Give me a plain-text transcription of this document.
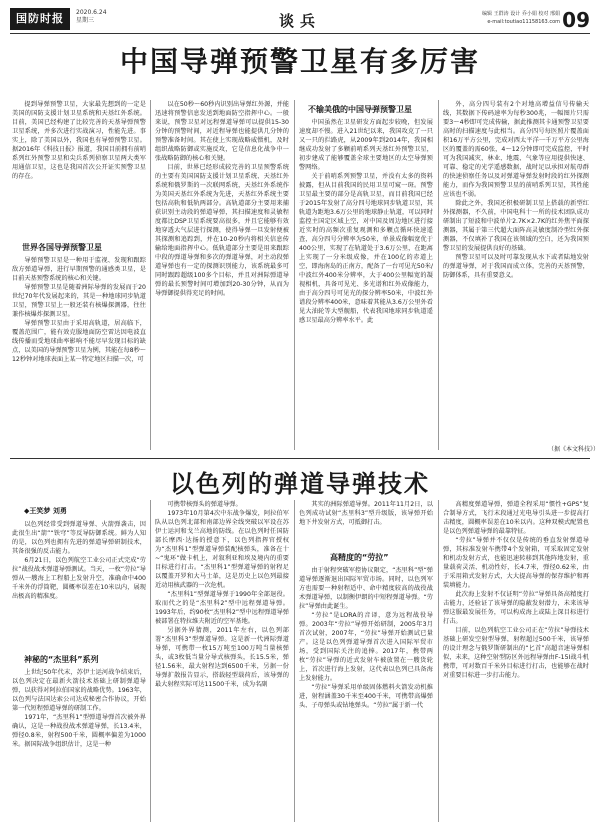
国防时报	2020.6.24
星期三	谈兵	编辑 王群涛 设计 乔小娟 校对 邢娟
e-mail:toutiao11158163.com 09
中国导弹预警卫星有多厉害

提到导弹预警卫星，大家最先想到的一定是美国的国防支援计划卫星系统和天基红外系统。目前，美国已经构建了比较完善的天基导弹预警卫星系统，并多次进行实战演习，性能先进。事实上，除了美国以外，我国也有导弹预警卫星。据2016年《科技日报》报道，我国目前拥有前哨系列红外预警卫星和尖兵系列侦察卫星两大类军用通信卫星，这也是我国首次公开证实预警卫星的存在。

世界各国导弹预警卫星

导弹预警卫星是一种用于监视、发现和跟踪敌方弹道导弹，进行早期预警的通感类卫星，是目前天基预警系统的核心和关键。

导弹预警卫星是随着洲际导弹的发展而于20世纪70年代发展起来的，其是一种地球同步轨道卫星，预警卫星上一般还装有核爆探测器，往往兼作核爆炸探测卫星。

导弹预警卫星由于采用高轨道，居高临下，覆盖范围广，能有效克服地面防空雷达因电波直线传播而受地球曲率影响不能尽早发现目标的缺点，以美国的导弹预警卫星为例，其能在每8秒～12秒钟对地球表面上某一特定地区扫描一次，可

以在50秒～60秒内识别出导弹红外源，并能迅速将预警信息发送到地面防空指挥中心。一般来说，预警卫星对远程弹道导弹可以提供15-30分钟的预警时间，对近程导弹也能提供几分钟的预警准备时间。其在使上实现战略威慑机，及时组织战略防御或实施反攻，它是信息化战争中一张战略防御的核心和关键。

目前，世界已经形成较完善的卫星预警系统的主要有美国国防支援计划卫星系统、天基红外系统和俄罗斯的一次联网系统，天基红外系统作为美国天基红外系统为先进，天基红外系统主要包括高轨和低轨两部分。高轨道部分主要用来捕获识别主动段的弹道导弹，其扫描速度和灵敏程度都比DSP卫星系统要高很多，并且它能够有效地穿透大气层进行探测，使得导弹一旦发射便被其探测和追踪到，并在10-20秒内将相关信息传输给地面指挥中心。低轨道部分主要是用来跟踪中段的弹道导弹和多次的弹道导弹，对主动段弹道导弹也有一定的探测识别能力，该系统最多可同时跟踪超级100多个目标，并且对洲际弹道导弹的最长预警时间可增加到20-30分钟，从而为导弹御提供得充足的时间。

不输美俄的中国导弹预警卫星

中国虽然在卫星研发方面起步较晚，但发展速度却不慢。进入21世纪以来，我国攻克了一只又一只的拦路虎，从2009年到2014年，我国相继成功发射了多颗前哨系列天基红外预警卫星，初步建成了能够覆盖全球主要地区的太空导弹预警网络。

关于前哨系列预警卫星，并没有太多的资料披露，但从目前我国的民用卫星可窥一斑。预警卫星最主要的部分是高轨卫星，而目前我国已经于2015年发射了高分四号地球同步轨道卫星，其轨道为距地3.6万公里的地球静止轨道，可以同时监控主国定区域上空，对中国及周边地区进行接近实时的高频次重复观测和多颗点循环快速遥查，高分四号分辨率为50米，单景成像幅宽优于400公里，实现了在轨道处于3.6万公里，在距离上实现了一分米级成像，并在100亿的赤道上空，即海南岛的正南方，配备了一台可见光50米/中波红外400米分辨率，大于400公里幅宽的凝视相机，具备可见光、多光谱和红外成像能力，由于高分四号可见光的探分辨率50米，中波红外谱段分辨率400米，意味着其能从3.6万公里外看见大油轮等大型舰船，代表我国地球同步轨道遥感卫星最高分辨率水平。此

外，高分四号装有2个对地高增益信号传输天线，其数据下传码速率为每秒300兆，一幅图片只需要3～4秒即可完成传输，据此推测其卡通预警卫星要高时的扫描速度与此相当。高分四号每医照片覆盖面积16万平方公里，完成对西太平洋一千万平方公里海区的覆盖的需60张，4～12分钟即可完成监控，平时可为我国减灾、林业、地震、气象等应用提供快速、可靠、稳定的光学遥感数据，战时足以承担对航母群的快速侦察任务以及对弹道导弹发射时段的红外探测能力，而作为我国预警卫星的前哨系列卫星，其性能应该也不弱。

除此之外，我国还积极研制卫星上搭载的新型红外探测器，不久前，中国电科十一所的技术团队成功研制出了短波和中波单片2.7K×2.7K的红外焦平面探测器，其属于第三代超大面阵高灵敏度制冷型红外探测器，不仅填补了我国在该领域的空白，还为我国预警卫星的发展提供良好的基础。

预警卫星可以及时可靠发现从水下或者陆地发射的弹道导弹，对于我国而成立体，完善的天基预警，防御体系，具有重要意义。

（据《本文科技》）
以色列的弹道导弹技术
◆王笑梦 刘勇

以色列经常受到弹道导弹、火箭弹袭击，因此很生出“箭”“铁穹”等反导防御系统。鲜为人知的是，以色列也拥有先进的弹道导弹研制技术，其备很强的反击能力。

6月21日，以色列航空工业公司正式完成“劳拉”战役战术弹道导弹测试。当天，一枚“劳拉”导弹从一艘海上工程船上发射升空，准确命中400千米外的浮筒靶，圆概率误差在10米以内，展现出极高的精准度。

神秘的“杰里科”系列

上世纪50年代末，苏伊士运河战争结束后，以色列决定在最新火箭技术基础上研制弹道导弹，以获得对阿拉伯国家的战略优势。1963年，以色列与法国达索公司达成秘密合作协议，开始第一代短程弹道导弹的研制工作。

1971年，“杰里科1”型弹道导弹首次被外界确认，这是一种战役战术弹道导弹，长13.4米，弹径0.8米，射程500千米，圆概率偏差为1000米。据国际战争组织估计，这是一种

可携带核弹头的弹道导弹。

1973年10月第4次中东战争爆发，阿拉伯军队从以色列北部和南部边界全线突破以军设在苏伊士运河和戈兰高地的防线。在以色列时任国防部长摩西·达扬的授意下，以色列指挥官授权为“杰里科1”型弹道导弹装配核弹头，准备在十~“鬼环”做卡机上，对叙利亚和埃及境内的重要目标进行打击。“杰里科1”型弹道导弹的射程足以覆盖开罗和大马士革，这是历史上以色列最接近动用核武器的一次危机。

“杰里科1”型弹道导弹于1990年全部退役。取而代之的是“杰里科2”型中远程弹道导弹。1993年后，约90枚“杰里科2”型中远程弹道导弹被部署在特拉维夫附近的空军基地。

另据外界猜测，2011年左右，以色列部署“杰里科3”型弹道导弹。这是新一代洲际弹道导弹，可携带一枚15万吨至100万吨当量核弹头，或3枚低当量分导式核弹头，长15.5米，弹径1.56米，最大射程达到6500千米，另据一份导弹扩散报告显示，搭载轻型载荷后，该导弹的最大射程实际可达11500千米，成为名副

其实的洲际弹道导弹。2011年11月2日，以色列成功试射“杰里科3”型升级版，该导弹开始地下井发射方式，可抵御打击。

高精度的“劳拉”

由于射程突破军控协议限定，“杰里科”型“弹道导弹逐渐退出国际军贸市场。同时，以色列军方也需要一种射程适中、命中精度较高的战役战术弹道导弹，以制衡伊朗的中短程弹道导弹。“劳拉”导弹由此诞生。

“劳拉”是LORA的音译，意为远程战役导弹。2003年“劳拉”导弹开始研制，2005年3月首次试射，2007年，“劳拉”导弹开始测试已量产。这是以色列弹道导弹首次进入国际军贸市场，受到国际关注的追捧。2017年，携带两枚“劳拉”导弹的近式发射车被放置在一艘货轮上，首次进行海上发射，这代表以色列已具备海上发射能力。

“劳拉”导弹采用单级固体燃料火箭发动机推进，射程涵盖30千米至400千米，可携带高爆弹头、子母弹头或钻地弹头。“劳拉”属于新一代

高精度弹道导弹，弹道全程采用“惯性+GPS”复合制导方式，飞行末段通过光电导引头进一步提高打击精度，圆概率误差在10米以内。这种双模式配置也是以色列弹道导弹的最靠特征。

“劳拉”导弹并不仅仅是传统的垂直发射弹道导弹，其标准发射车携带4个发射箱，可采取固定发射和机动发射方式，也能迅速转移到其他阵地发射，重量载荷灵活、机动性好，长4.7米，弹径0.62米，由于采用箱式发射方式，大大提高导弹的保存维护和再装填能力。

此次海上发射不仅证明“劳拉”导弹具备高精度打击能力，还验证了该导弹的隐蔽发射潜力，未来该导弹这服最发展任务，可以构成海上或陆上深目标进行打击。

目前，以色列航空工业公司正在“劳拉”导弹技术基础上研发空射型导弹，射程超过500千米，该导弹的设计理念与俄罗斯研制出的“匕首”高超音速导弹相似，未来，这种空射型防区外远程导弹由F-15I战斗机携带，可对数百千米外目标进行打击，也能够在战时对重要目标进一步打击能力。
